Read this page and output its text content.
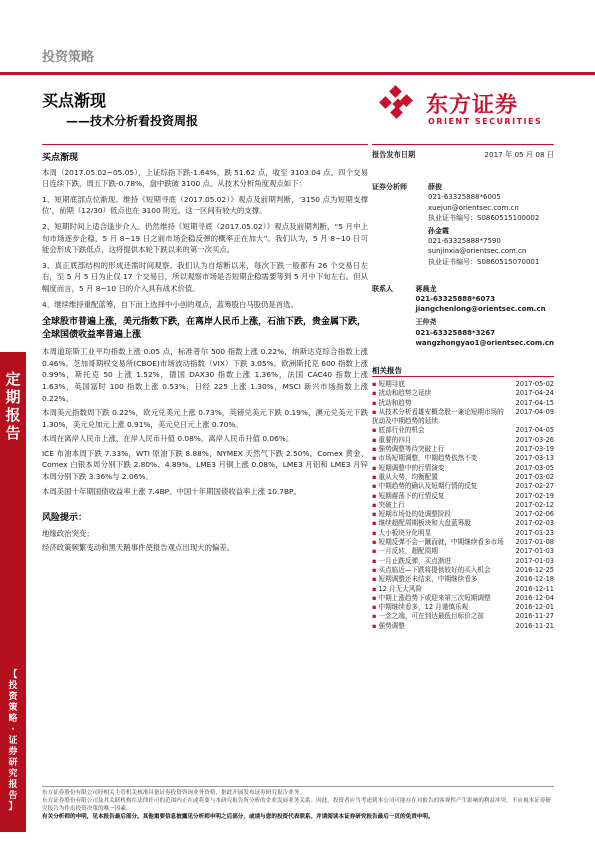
投资策略
定
期
报
告
【
投
资
策
略
·
证
券
研
究
报
告
】
买点渐现
——技术分析看投资周报
东方证券
ORIENT SECURITIES
买点渐现

本周（2017.05.02~05.05），上证综指下跌-1.64%，跌 51.62 点，收至 3103.04 点。四个交易日连续下跌，周五下跌-0.78%，盘中跌破 3100 点。从技术分析角度观点如下：

1、短期底部点位渐现。维持《短期寻底（2017.05.02）》观点及前期判断，‘3150 点为短期支撑位’，前期（12/30）低点也在 3100 附近，这一区间有较大的支撑。

2、短期时间上适合逢步介入。仍然维持《短期寻底（2017.05.02）》观点及前期判断，“5 月中上旬市场逐步企稳，5 月 8~19 日之前市场企稳反弹的概率正在加大”。我们认为，5 月 8~10 日可能会形成下跌低点，这将提供本轮下跌以来的第一次买点。

3、真正底部结构的形成还需时间观察。我们认为自熔断以来，每次下跌一般都有 26 个交易日左右，至 5 月 5 日为止仅 17 个交易日，所以观察市场是否短期企稳需要等到 5 月中下旬左右。但从幅度而言，5 月 8~10 日的介入具有战术价值。

4、继续维持重配蓝筹，自下而上选择中小创的观点，蓝筹股白马股仍是首选。

全球股市普遍上涨，美元指数下跌，在离岸人民币上涨，石油下跌，贵金属下跌，全球国债收益率普遍上涨

本周道琼斯工业平均指数上涨 0.05 点，标准普尔 500 指数上涨 0.22%，纳斯达克综合指数上涨 0.46%。芝加哥期权交易所(CBOE)市场波动指数（VIX）下跌 3.05%。欧洲斯托克 600 指数上涨 0.99%，斯托克 50 上涨 1.52%，德国 DAX30 指数上涨 1.36%，法国 CAC40 指数上涨 1.63%，英国富时 100 指数上涨 0.53%，日经 225 上涨 1.30%，MSCI 新兴市场指数上涨 0.22%。

本周美元指数周下跌 0.22%，欧元兑美元上涨 0.73%，英镑兑美元下跌 0.19%，澳元兑美元下跌 1.30%，美元兑加元上涨 0.91%，美元兑日元上涨 0.70%。

本周在离岸人民币上涨，在岸人民币升值 0.08%，离岸人民币升值 0.06%。

ICE 布油本周下跌 7.33%，WTI 原油下跌 8.88%，NYMEX 天然气下跌 2.50%。Comex 黄金、Comex 白银本周分别下跌 2.80%、4.89%。LME3 月铜上涨 0.08%，LME3 月铝和 LME3 月锌本周分别下跌 3.36%与 2.06%。

本周美国十年期国债收益率上涨 7.4BP。中国十年期国债收益率上涨 10.7BP。

风险提示：

地缘政治突变；

经济政策频繁变动和黑天鹅事件使报告观点出现大的偏差。

报告发布日期	2017 年 05 月 08 日
证券分析师	薛俊
021-63325888*6005
xuejun@orientsec.com.cn
执业证书编号：S0860515100002
孙金霞
021-63325888*7590
sunjinxia@orientsec.com.cn
执业证书编号：S0860515070001
联系人	蒋晨龙
021-63325888*6073
jiangchenlong@orientsec.com.cn
王仲尧
021-63325888*3267
wangzhongyao1@orientsec.com.cn
相关报告
▪ 短期寻底	2017-05-02
▪ 扰动和趋势之延续	2017-04-24
▪ 扰动和趋势	2017-04-15
▪ 从技术分析看雄安概念股一兼论短期市场的扰动及中期趋势的延续
2017-04-09
▪ 底部行业的机会	2017-04-05
▪ 重要的四月	2017-03-26
▪ 强势调整等待突破上行	2017-03-19
▪ 市场短期调整，中期趋势依然不变	2017-03-13
▪ 短期调整中的行情演变	2017-03-05
▪ 重从大势，均衡配置	2017-03-02
▪ 中期趋势的确认及短期行情的反复	2017-02-27
▪ 短期震荡下的行情反复	2017-02-19
▪ 突破上行	2017-02-12
▪ 短期市场处的处调整阶段	2017-02-06
▪ 继续超配周期板块和大盘蓝筹股	2017-02-03
▪ 大小板块分化明显	2017-01-23
▪ 短期反弹不会一蹴而就，中期继续看多市场	2017-01-08
▪ 一月反转，超配周期	2017-01-03
▪ 一月止跌反弹，买点渐进	2017-01-03
▪ 买点临近—下跌将提供较好的买入机会	2016-12-25
▪ 短期调整还未结束，中期继续看多	2016-12-18
▪ 12 月无大风险	2016-12-11
▪ 中期上涨趋势下或迎来第三次短期调整	2016-12-04
▪ 中期继续看多，12 月谨慎乐观	2016-12-01
▪ 一念之端，可在到达最低目标价之前	2016-11-27
▪ 强势调整	2016-11-21
东方证券股份有限公司经相关主管机关核准具备证券投资咨询业务资格，据此开展发布证券研究报告业务。
东方证券股份有限公司及其关联机构在法律许可的范围内正在或将要与本研究报告所分析的企业发展业务关系。因此，投资者应当考虑到本公司可能存在对报告的客观性产生影响的利益冲突，不应视本证券研究报告为作出投资决策的唯一因素。
有关分析师的申明，见本报告最后部分。其他重要信息披露见分析师申明之后部分，或请与您的投资代表联系。并请阅读本证券研究报告最后一页的免责申明。
